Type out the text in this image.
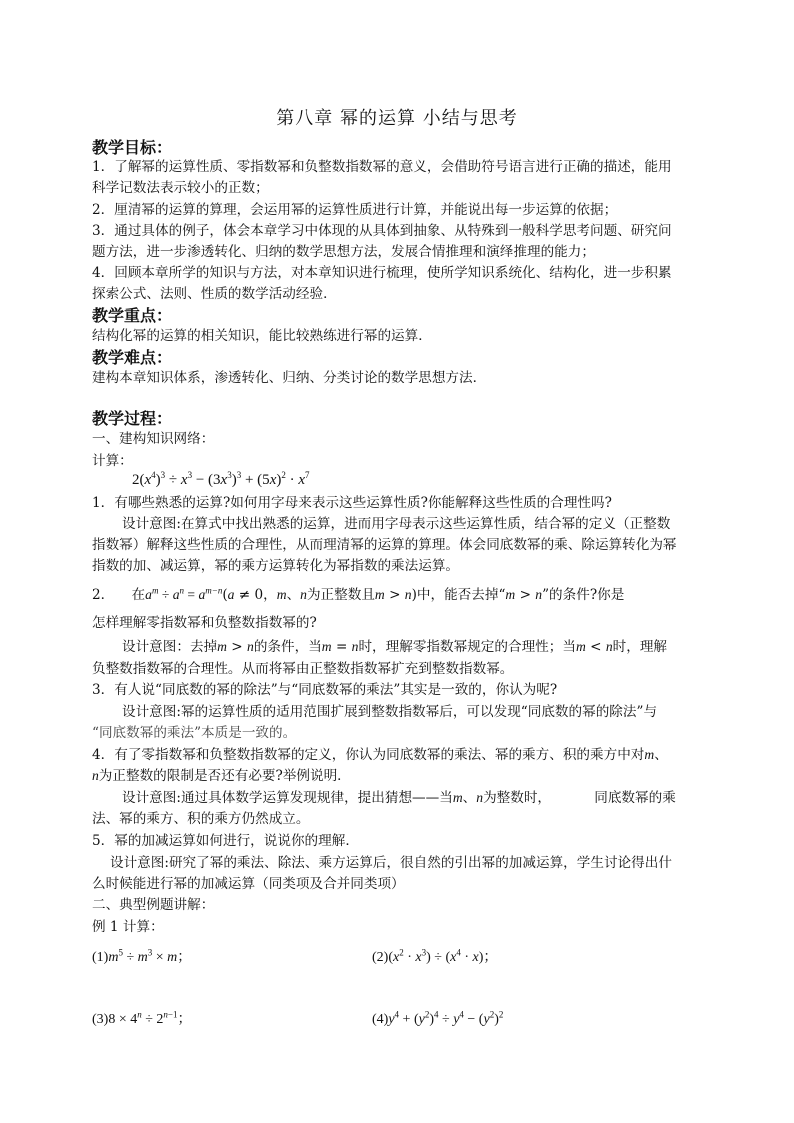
第八章 幂的运算 小结与思考
教学目标：
1．了解幂的运算性质、零指数幂和负整数指数幂的意义，会借助符号语言进行正确的描述，能用
科学记数法表示较小的正数；
2．厘清幂的运算的算理，会运用幂的运算性质进行计算，并能说出每一步运算的依据；
3．通过具体的例子，体会本章学习中体现的从具体到抽象、从特殊到一般科学思考问题、研究问
题方法，进一步渗透转化、归纳的数学思想方法，发展合情推理和演绎推理的能力；
4．回顾本章所学的知识与方法，对本章知识进行梳理，使所学知识系统化、结构化，进一步积累
探索公式、法则、性质的数学活动经验．
教学重点：
结构化幂的运算的相关知识，能比较熟练进行幂的运算．
教学难点：
建构本章知识体系，渗透转化、归纳、分类讨论的数学思想方法．
教学过程：
一、建构知识网络：
计算：
$2(x^4)^3 \div x^3 - (3x^3)^3 + (5x)^2 \cdot x^7$
1．有哪些熟悉的运算?如何用字母来表示这些运算性质?你能解释这些性质的合理性吗?
设计意图:在算式中找出熟悉的运算，进而用字母表示这些运算性质，结合幂的定义（正整数
指数幂）解释这些性质的合理性，从而理清幂的运算的算理。体会同底数幂的乘、除运算转化为幂
指数的加、减运算，幂的乘方运算转化为幂指数的乘法运算。
2．    在$a^m \div a^n = a^{m-n}(a \ne 0$，m、n为正整数且m > n)中，能否去掉“m > n”的条件?你是
怎样理解零指数幂和负整数指数幂的?
设计意图：去掉m > n的条件，当m = n时，理解零指数幂规定的合理性；当m < n时，理解
负整数指数幂的合理性。从而将幂由正整数指数幂扩充到整数指数幂。
3．有人说“同底数的幂的除法”与“同底数幂的乘法”其实是一致的，你认为呢?
设计意图:幂的运算性质的适用范围扩展到整数指数幂后，可以发现“同底数的幂的除法”与
“同底数幂的乘法”本质是一致的。
4．有了零指数幂和负整数指数幂的定义，你认为同底数幂的乘法、幂的乘方、积的乘方中对m、
n为正整数的限制是否还有必要?举例说明．
设计意图:通过具体数学运算发现规律，提出猜想——当m、n为整数时，	同底数幂的乘
法、幂的乘方、积的乘方仍然成立。
5．幂的加减运算如何进行，说说你的理解．
设计意图:研究了幂的乘法、除法、乘方运算后，很自然的引出幂的加减运算，学生讨论得出什
么时候能进行幂的加减运算（同类项及合并同类项）
二、典型例题讲解：
例 1 计算：
$(1)m^5 \div m^3 \times m$；	$(2)(x^2 \cdot x^3) \div (x^4 \cdot x)$；
$(3)8 \times 4^n \div 2^{n-1}$；	$(4)y^4 + (y^2)^4 \div y^4 - (y^2)^2$
